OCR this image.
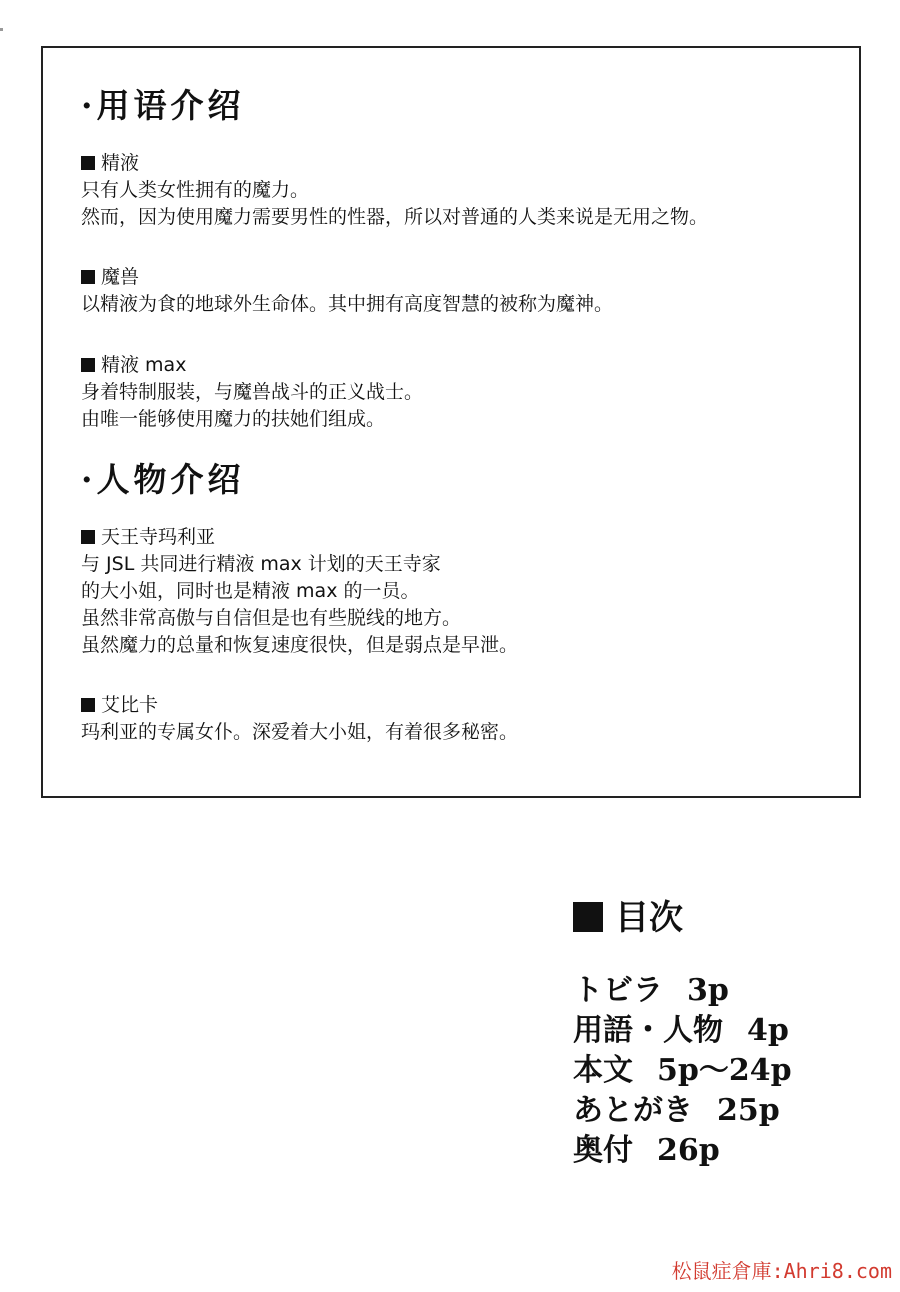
·用语介绍
精液
只有人类女性拥有的魔力。
然而，因为使用魔力需要男性的性器，所以对普通的人类来说是无用之物。
魔兽
以精液为食的地球外生命体。其中拥有高度智慧的被称为魔神。
精液 max
身着特制服装，与魔兽战斗的正义战士。
由唯一能够使用魔力的扶她们组成。
·人物介绍
天王寺玛利亚
与 JSL 共同进行精液 max 计划的天王寺家
的大小姐，同时也是精液 max 的一员。
虽然非常高傲与自信但是也有些脱线的地方。
虽然魔力的总量和恢复速度很快，但是弱点是早泄。
艾比卡
玛利亚的专属女仆。深爱着大小姐，有着很多秘密。
目次
トビラ 3p
用語・人物 4p
本文 5p～24p
あとがき 25p
奥付 26p
松鼠症倉庫:Ahri8.com
